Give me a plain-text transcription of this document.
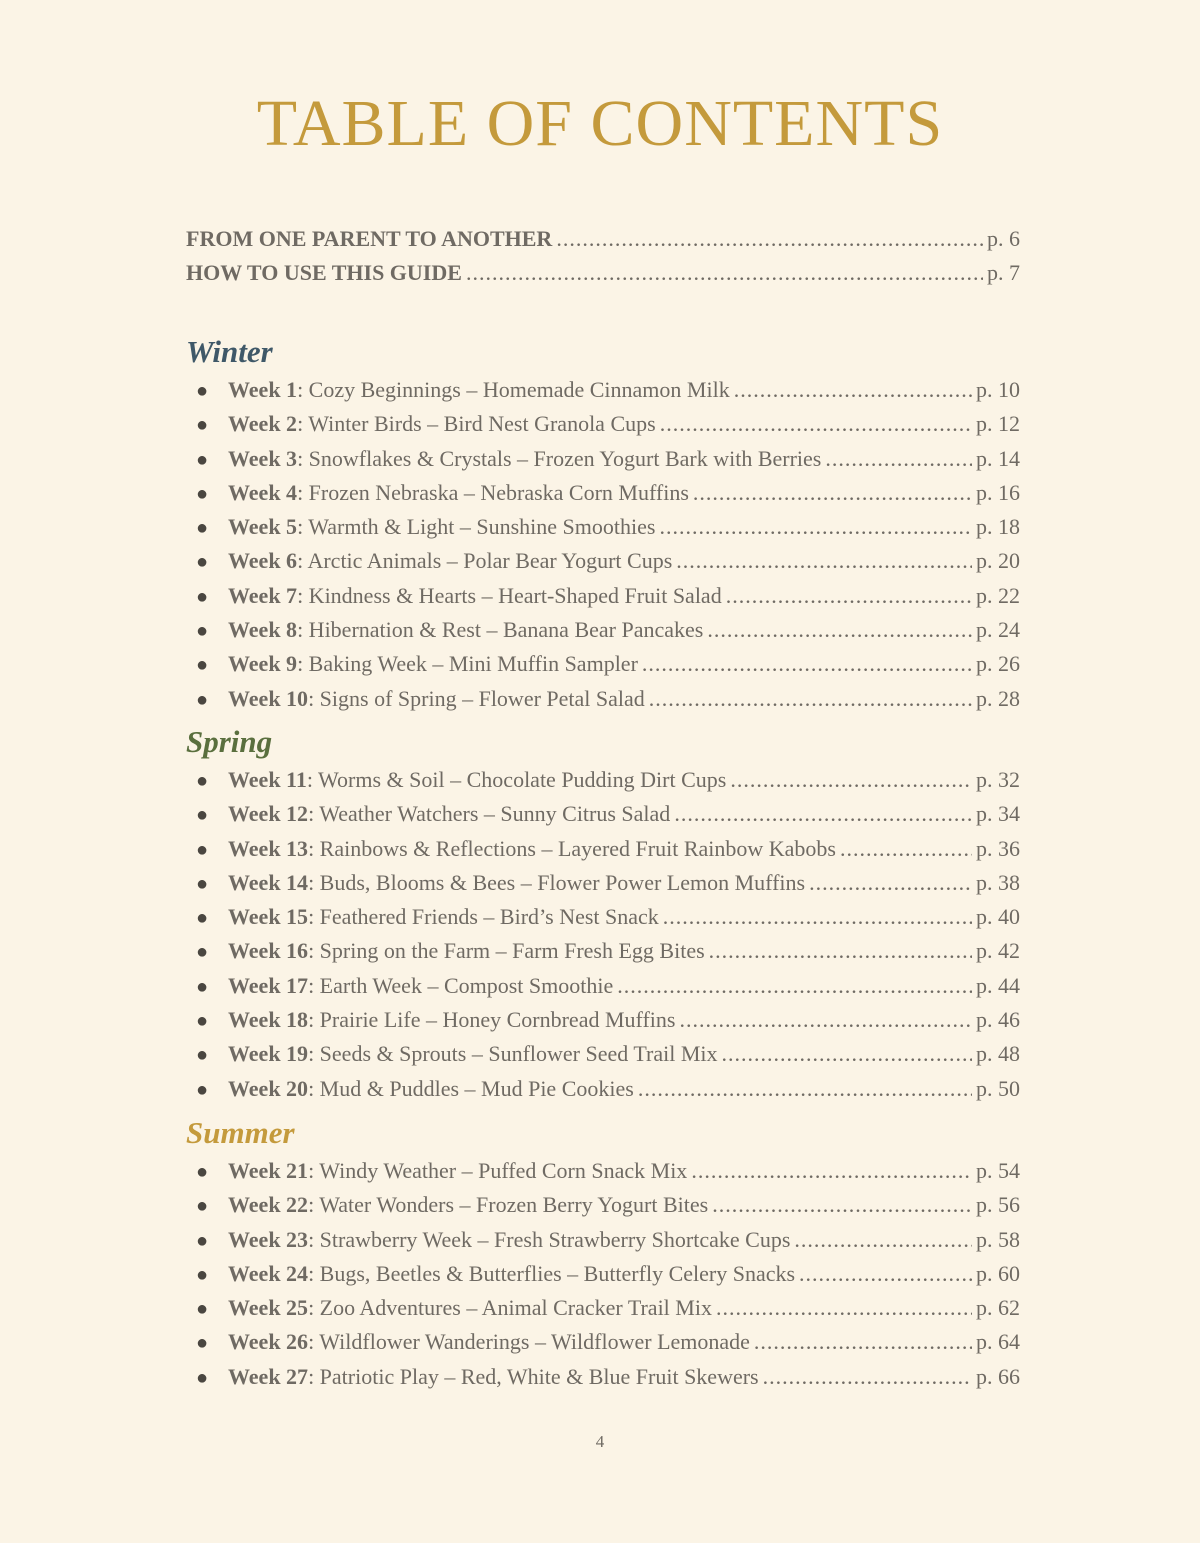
TABLE OF CONTENTS
FROM ONE PARENT TO ANOTHER .....	p. 6
HOW TO USE THIS GUIDE .....	p. 7
Winter
● Week 1 : Cozy Beginnings – Homemade Cinnamon Milk .....	p. 10
● Week 2 : Winter Birds – Bird Nest Granola Cups .....	p. 12
● Week 3 : Snowflakes & Crystals – Frozen Yogurt Bark with Berries .....	p. 14
● Week 4 : Frozen Nebraska – Nebraska Corn Muffins .....	p. 16
● Week 5 : Warmth & Light – Sunshine Smoothies .....	p. 18
● Week 6 : Arctic Animals – Polar Bear Yogurt Cups .....	p. 20
● Week 7 : Kindness & Hearts – Heart-Shaped Fruit Salad .....	p. 22
● Week 8 : Hibernation & Rest – Banana Bear Pancakes .....	p. 24
● Week 9 : Baking Week – Mini Muffin Sampler .....	p. 26
● Week 10 : Signs of Spring – Flower Petal Salad .....	p. 28
Spring
● Week 11 : Worms & Soil – Chocolate Pudding Dirt Cups .....	p. 32
● Week 12 : Weather Watchers – Sunny Citrus Salad .....	p. 34
● Week 13 : Rainbows & Reflections – Layered Fruit Rainbow Kabobs .....	p. 36
● Week 14 : Buds, Blooms & Bees – Flower Power Lemon Muffins .....	p. 38
● Week 15 : Feathered Friends – Bird’s Nest Snack .....	p. 40
● Week 16 : Spring on the Farm – Farm Fresh Egg Bites .....	p. 42
● Week 17 : Earth Week – Compost Smoothie .....	p. 44
● Week 18 : Prairie Life – Honey Cornbread Muffins .....	p. 46
● Week 19 : Seeds & Sprouts – Sunflower Seed Trail Mix .....	p. 48
● Week 20 : Mud & Puddles – Mud Pie Cookies .....	p. 50
Summer
● Week 21 : Windy Weather – Puffed Corn Snack Mix .....	p. 54
● Week 22 : Water Wonders – Frozen Berry Yogurt Bites .....	p. 56
● Week 23 : Strawberry Week – Fresh Strawberry Shortcake Cups .....	p. 58
● Week 24 : Bugs, Beetles & Butterflies – Butterfly Celery Snacks .....	p. 60
● Week 25 : Zoo Adventures – Animal Cracker Trail Mix .....	p. 62
● Week 26 : Wildflower Wanderings – Wildflower Lemonade .....	p. 64
● Week 27 : Patriotic Play – Red, White & Blue Fruit Skewers .....	p. 66
4
